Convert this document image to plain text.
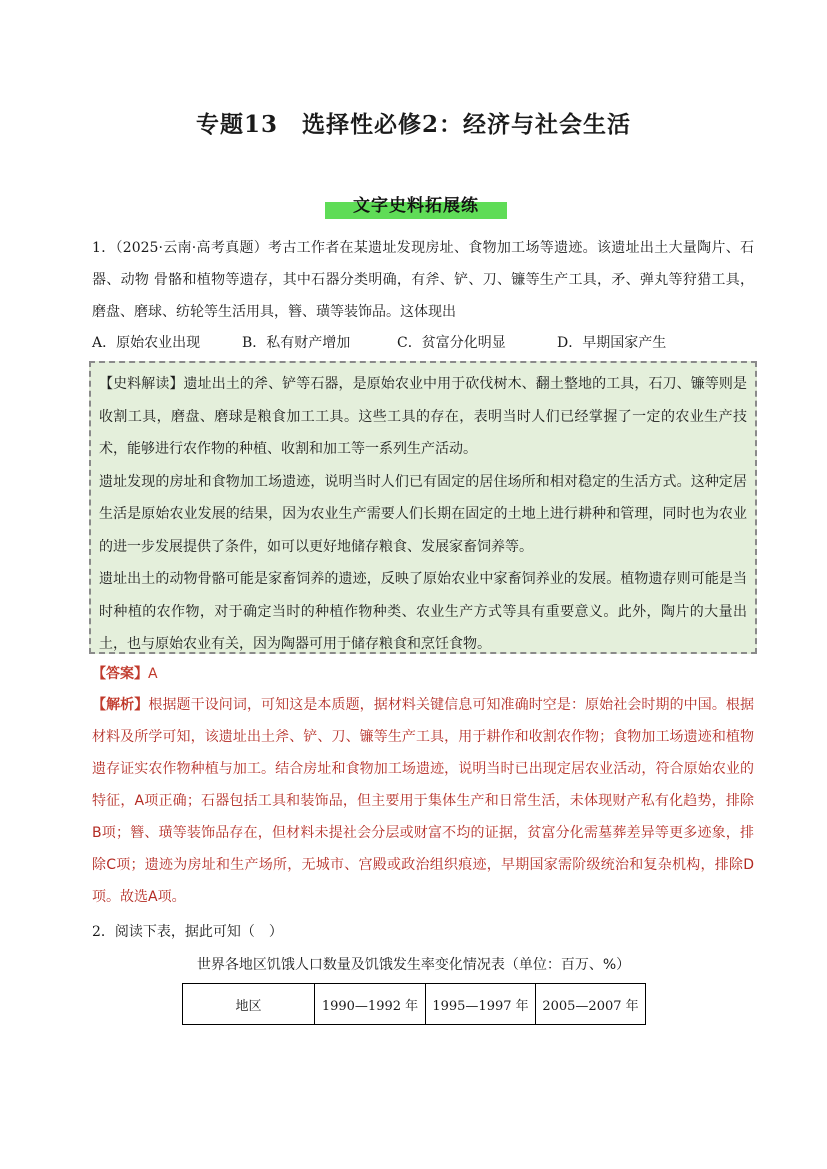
专题13　选择性必修2：经济与社会生活
文字史料拓展练

1．（2025·云南·高考真题）考古工作者在某遗址发现房址、食物加工场等遗迹。该遗址出土大量陶片、石器、动物 骨骼和植物等遗存，其中石器分类明确，有斧、铲、刀、镰等生产工具，矛、弹丸等狩猎工具，磨盘、磨球、纺轮等生活用具，簪、璜等装饰品。这体现出

A．原始农业出现	B．私有财产增加	C．贫富分化明显	D．早期国家产生

【史料解读】遗址出土的斧、铲等石器，是原始农业中用于砍伐树木、翻土整地的工具，石刀、镰等则是收割工具，磨盘、磨球是粮食加工工具。这些工具的存在，表明当时人们已经掌握了一定的农业生产技术，能够进行农作物的种植、收割和加工等一系列生产活动。

遗址发现的房址和食物加工场遗迹，说明当时人们已有固定的居住场所和相对稳定的生活方式。这种定居生活是原始农业发展的结果，因为农业生产需要人们长期在固定的土地上进行耕种和管理，同时也为农业的进一步发展提供了条件，如可以更好地储存粮食、发展家畜饲养等。

遗址出土的动物骨骼可能是家畜饲养的遗迹，反映了原始农业中家畜饲养业的发展。植物遗存则可能是当时种植的农作物，对于确定当时的种植作物种类、农业生产方式等具有重要意义。此外，陶片的大量出土，也与原始农业有关，因为陶器可用于储存粮食和烹饪食物。

【答案】A

【解析】根据题干设问词，可知这是本质题，据材料关键信息可知准确时空是：原始社会时期的中国。根据材料及所学可知，该遗址出土斧、铲、刀、镰等生产工具，用于耕作和收割农作物；食物加工场遗迹和植物遗存证实农作物种植与加工。结合房址和食物加工场遗迹，说明当时已出现定居农业活动，符合原始农业的特征，A项正确；石器包括工具和装饰品，但主要用于集体生产和日常生活，未体现财产私有化趋势，排除B项；簪、璜等装饰品存在，但材料未提社会分层或财富不均的证据，贫富分化需墓葬差异等更多迹象，排除C项；遗迹为房址和生产场所，无城市、宫殿或政治组织痕迹，早期国家需阶级统治和复杂机构，排除D项。故选A项。

2．阅读下表，据此可知（　）

世界各地区饥饿人口数量及饥饿发生率变化情况表（单位：百万、%）
地区	1990—1992 年	1995—1997 年	2005—2007 年
